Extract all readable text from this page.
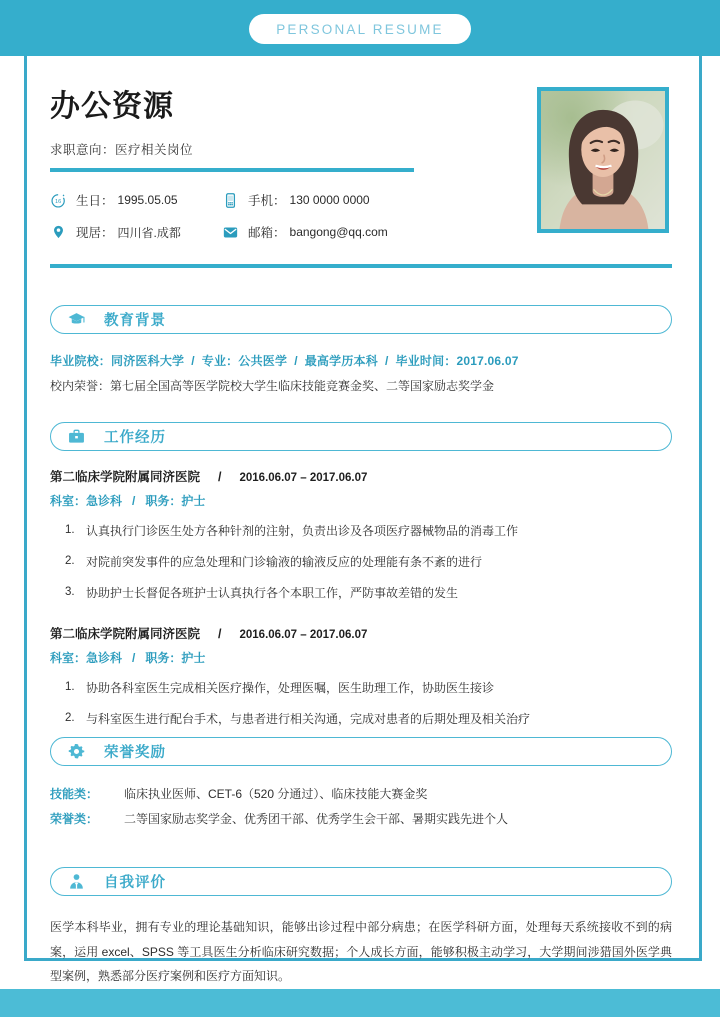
PERSONAL RESUME
办公资源
求职意向：医疗相关岗位
16 生日： 1995.05.05	手机： 130 0000 0000
现居： 四川省.成都	邮箱： bangong@qq.com
教育背景
毕业院校：同济医科大学 / 专业：公共医学 / 最高学历本科 / 毕业时间：2017.06.07
校内荣誉：第七届全国高等医学院校大学生临床技能竞赛金奖、二等国家励志奖学金
工作经历
第二临床学院附属同济医院 / 2016.06.07 – 2017.06.07
科室：急诊科 / 职务：护士
1. 认真执行门诊医生处方各种针剂的注射，负责出诊及各项医疗器械物品的消毒工作
2. 对院前突发事件的应急处理和门诊输液的输液反应的处理能有条不紊的进行
3. 协助护士长督促各班护士认真执行各个本职工作，严防事故差错的发生
第二临床学院附属同济医院 / 2016.06.07 – 2017.06.07
科室：急诊科 / 职务：护士
1. 协助各科室医生完成相关医疗操作，处理医嘱，医生助理工作，协助医生接诊
2. 与科室医生进行配台手术，与患者进行相关沟通，完成对患者的后期处理及相关治疗
荣誉奖励
技能类：	临床执业医师、CET-6（520 分通过）、临床技能大赛金奖
荣誉类：	二等国家励志奖学金、优秀团干部、优秀学生会干部、暑期实践先进个人
自我评价
医学本科毕业，拥有专业的理论基础知识，能够出诊过程中部分病患；在医学科研方面，处理每天系统接收不到的病案，运用 excel、SPSS 等工具医生分析临床研究数据；个人成长方面，能够积极主动学习，大学期间涉猎国外医学典型案例，熟悉部分医疗案例和医疗方面知识。
